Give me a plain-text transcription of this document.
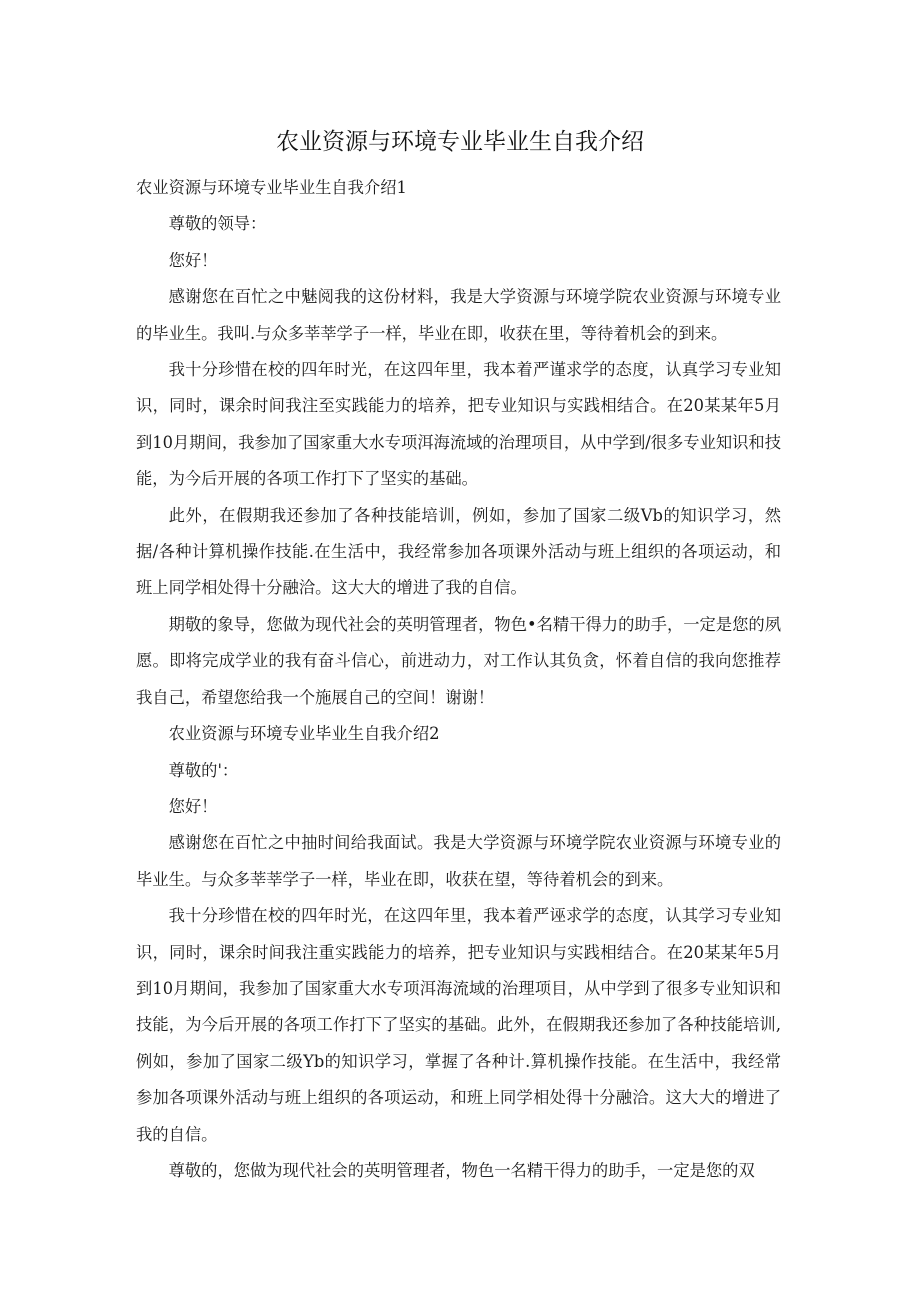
农业资源与环境专业毕业生自我介绍

农业资源与环境专业毕业生自我介绍1

尊敬的领导：

您好！

感谢您在百忙之中魅阅我的这份材料，我是大学资源与环境学院农业资源与环境专业的毕业生。我叫.与众多莘莘学子一样，毕业在即，收获在里，等待着机会的到来。

我十分珍惜在校的四年时光，在这四年里，我本着严谨求学的态度，认真学习专业知识，同时，课余时间我注至实践能力的培养，把专业知识与实践相结合。在20某某年5月到10月期间，我参加了国家重大水专项洱海流域的治理项目，从中学到/很多专业知识和技能，为今后开展的各项工作打下了坚实的基础。

此外，在假期我还参加了各种技能培训，例如，参加了国家二级Vb的知识学习，然据/各种计算机操作技能.在生活中，我经常参加各项课外活动与班上组织的各项运动，和班上同学相处得十分融洽。这大大的增进了我的自信。

期敬的象导，您做为现代社会的英明管理者，物色•名精干得力的助手，一定是您的夙愿。即将完成学业的我有奋斗信心，前进动力，对工作认其负贪，怀着自信的我向您推荐我自己，希望您给我一个施展自己的空间！谢谢！

农业资源与环境专业毕业生自我介绍2

尊敬的'：

您好！

感谢您在百忙之中抽时间给我面试。我是大学资源与环境学院农业资源与环境专业的毕业生。与众多莘莘学子一样，毕业在即，收获在望，等待着机会的到来。

我十分珍惜在校的四年时光，在这四年里，我本着严诬求学的态度，认其学习专业知识，同时，课余时间我注重实践能力的培养，把专业知识与实践相结合。在20某某年5月到10月期间，我参加了国家重大水专项洱海流域的治理项目，从中学到了很多专业知识和技能，为今后开展的各项工作打下了坚实的基础。此外，在假期我还参加了各种技能培训,例如，参加了国家二级Yb的知识学习，掌握了各种计.算机操作技能。在生活中，我经常参加各项课外活动与班上组织的各项运动，和班上同学相处得十分融洽。这大大的增进了我的自信。

尊敬的，您做为现代社会的英明管理者，物色一名精干得力的助手，一定是您的双
